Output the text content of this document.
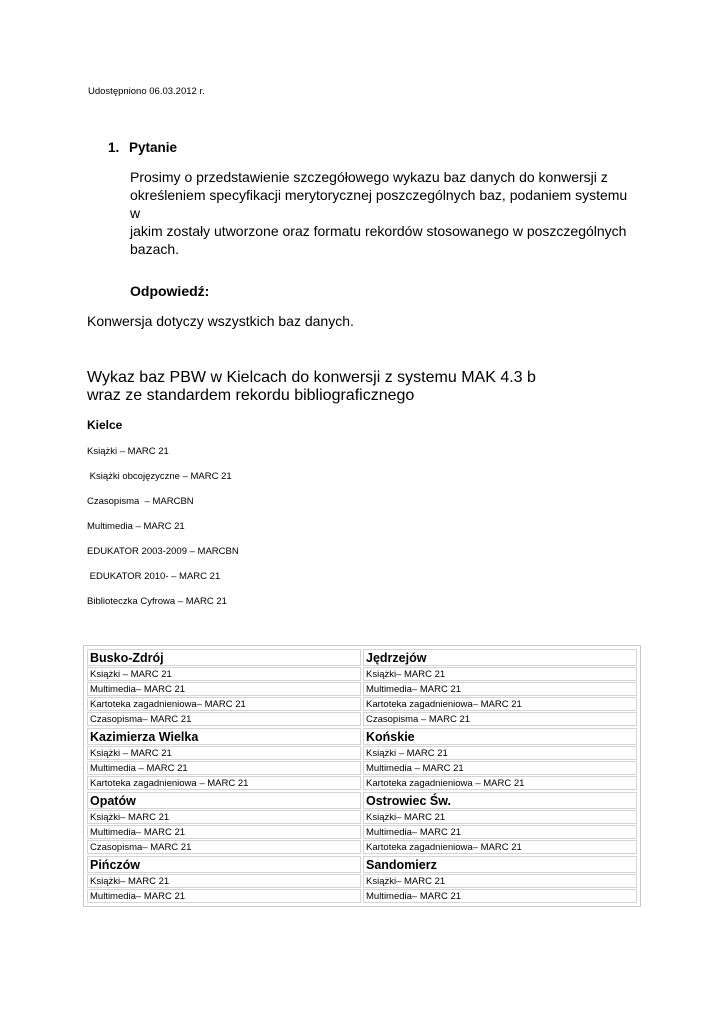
Udostępniono 06.03.2012 r.
1. Pytanie
Prosimy o przedstawienie szczegółowego wykazu baz danych do konwersji z
określeniem specyfikacji merytorycznej poszczególnych baz, podaniem systemu w
jakim zostały utworzone oraz formatu rekordów stosowanego w poszczególnych
bazach.
Odpowiedź:
Konwersja dotyczy wszystkich baz danych.
Wykaz baz PBW w Kielcach do konwersji z systemu MAK 4.3 b
wraz ze standardem rekordu bibliograficznego
Kielce
Książki – MARC 21
Książki obcojęzyczne – MARC 21
Czasopisma  – MARCBN
Multimedia – MARC 21
EDUKATOR 2003-2009 – MARCBN
EDUKATOR 2010- – MARC 21
Biblioteczka Cyfrowa – MARC 21
Busko-Zdrój
Książki – MARC 21
Multimedia– MARC 21
Kartoteka zagadnieniowa– MARC 21
Czasopisma– MARC 21
Jędrzejów
Książki– MARC 21
Multimedia– MARC 21
Kartoteka zagadnieniowa– MARC 21
Czasopisma – MARC 21
Kazimierza Wielka
Książki – MARC 21
Multimedia – MARC 21
Kartoteka zagadnieniowa – MARC 21
Końskie
Książki – MARC 21
Multimedia – MARC 21
Kartoteka zagadnieniowa – MARC 21
Opatów
Książki– MARC 21
Multimedia– MARC 21
Czasopisma– MARC 21
Ostrowiec Św.
Książki– MARC 21
Multimedia– MARC 21
Kartoteka zagadnieniowa– MARC 21
Pińczów
Książki– MARC 21
Multimedia– MARC 21
Sandomierz
Książki– MARC 21
Multimedia– MARC 21
